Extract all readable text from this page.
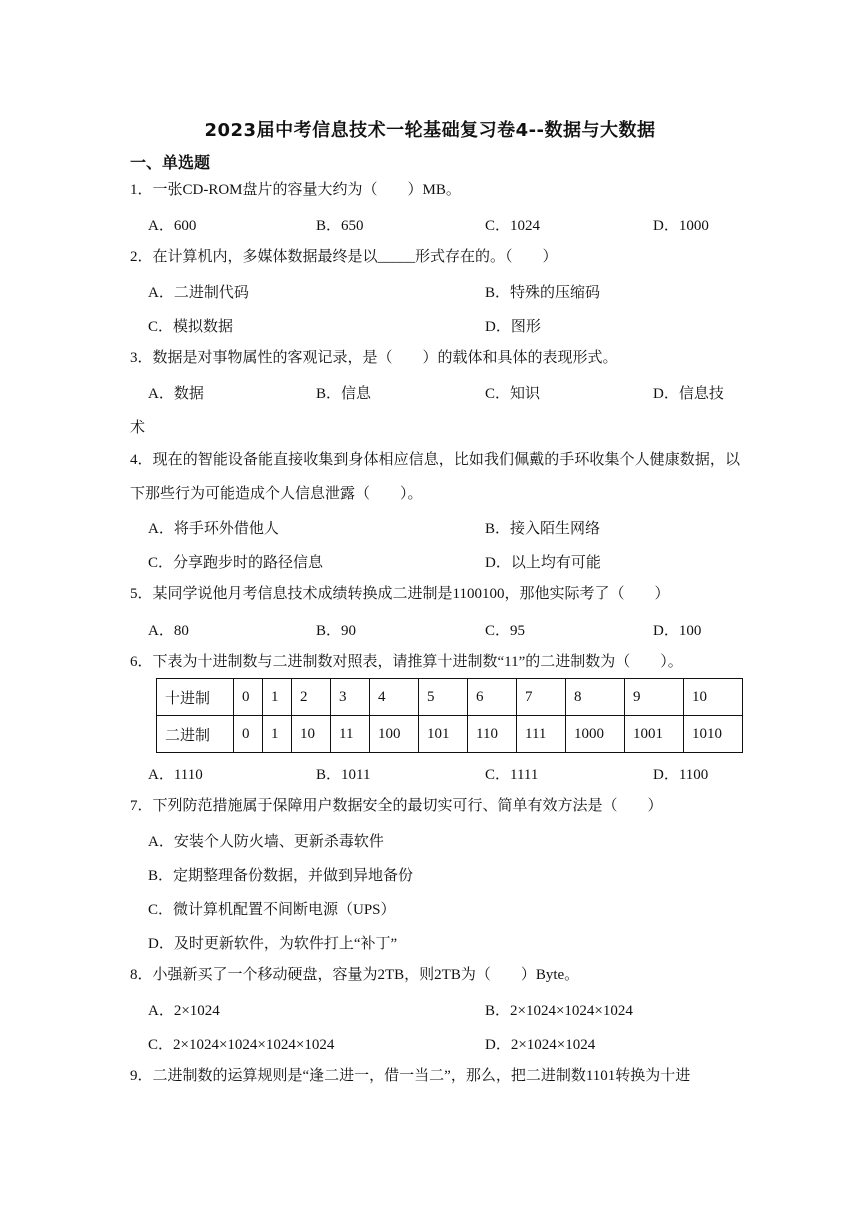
2023届中考信息技术一轮基础复习卷4--数据与大数据
一、单选题
1．一张CD-ROM盘片的容量大约为（　　）MB。
A．600	B．650	C．1024	D．1000
2．在计算机内，多媒体数据最终是以_____形式存在的。（　　）
A．二进制代码	B．特殊的压缩码
C．模拟数据	D．图形
3．数据是对事物属性的客观记录，是（　　）的载体和具体的表现形式。
A．数据	B．信息	C．知识	D．信息技
术
4．现在的智能设备能直接收集到身体相应信息，比如我们佩戴的手环收集个人健康数据，以下那些行为可能造成个人信息泄露（　　）。
A．将手环外借他人	B．接入陌生网络
C．分享跑步时的路径信息	D．以上均有可能
5．某同学说他月考信息技术成绩转换成二进制是1100100，那他实际考了（　　）
A．80	B．90	C．95	D．100
6．下表为十进制数与二进制数对照表，请推算十进制数“11”的二进制数为（　　）。
十进制	0	1	2	3	4	5	6	7	8	9	10
二进制	0	1	10	11	100	101	110	111	1000	1001	1010
A．1110	B．1011	C．1111	D．1100
7．下列防范措施属于保障用户数据安全的最切实可行、简单有效方法是（　　）
A．安装个人防火墙、更新杀毒软件
B．定期整理备份数据，并做到异地备份
C．微计算机配置不间断电源（UPS）
D．及时更新软件，为软件打上“补丁”
8．小强新买了一个移动硬盘，容量为2TB，则2TB为（　　）Byte。
A．2×1024	B．2×1024×1024×1024
C．2×1024×1024×1024×1024	D．2×1024×1024
9．二进制数的运算规则是“逢二进一，借一当二”，那么，把二进制数1101转换为十进
